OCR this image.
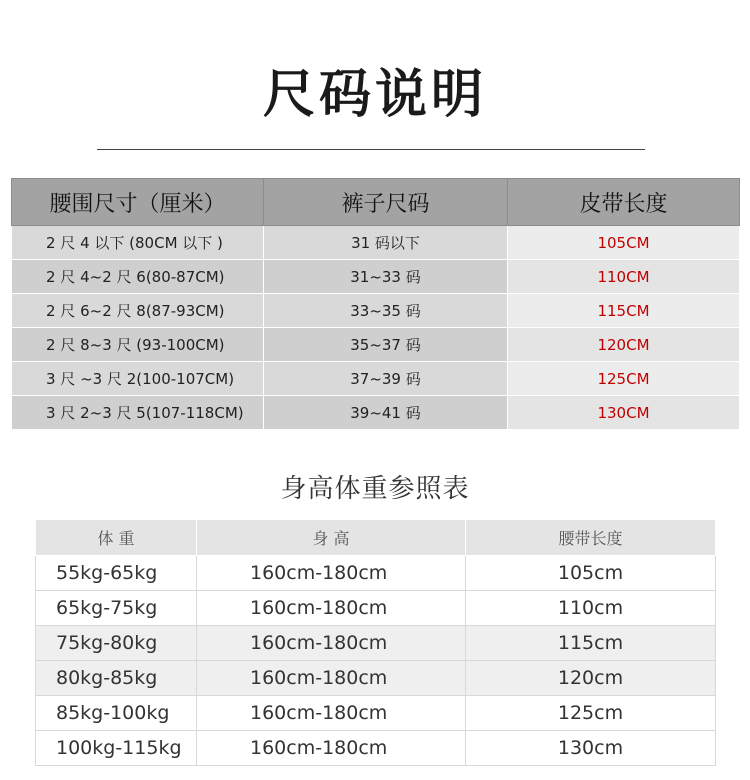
尺码说明
腰围尺寸（厘米）	裤子尺码	皮带长度
2 尺 4 以下 (80CM 以下 )	31 码以下	105CM
2 尺 4~2 尺 6(80-87CM)	31~33 码	110CM
2 尺 6~2 尺 8(87-93CM)	33~35 码	115CM
2 尺 8~3 尺 (93-100CM)	35~37 码	120CM
3 尺 ~3 尺 2(100-107CM)	37~39 码	125CM
3 尺 2~3 尺 5(107-118CM)	39~41 码	130CM
身高体重参照表
体 重	身 高	腰带长度
55kg-65kg	160cm-180cm	105cm
65kg-75kg	160cm-180cm	110cm
75kg-80kg	160cm-180cm	115cm
80kg-85kg	160cm-180cm	120cm
85kg-100kg	160cm-180cm	125cm
100kg-115kg	160cm-180cm	130cm
